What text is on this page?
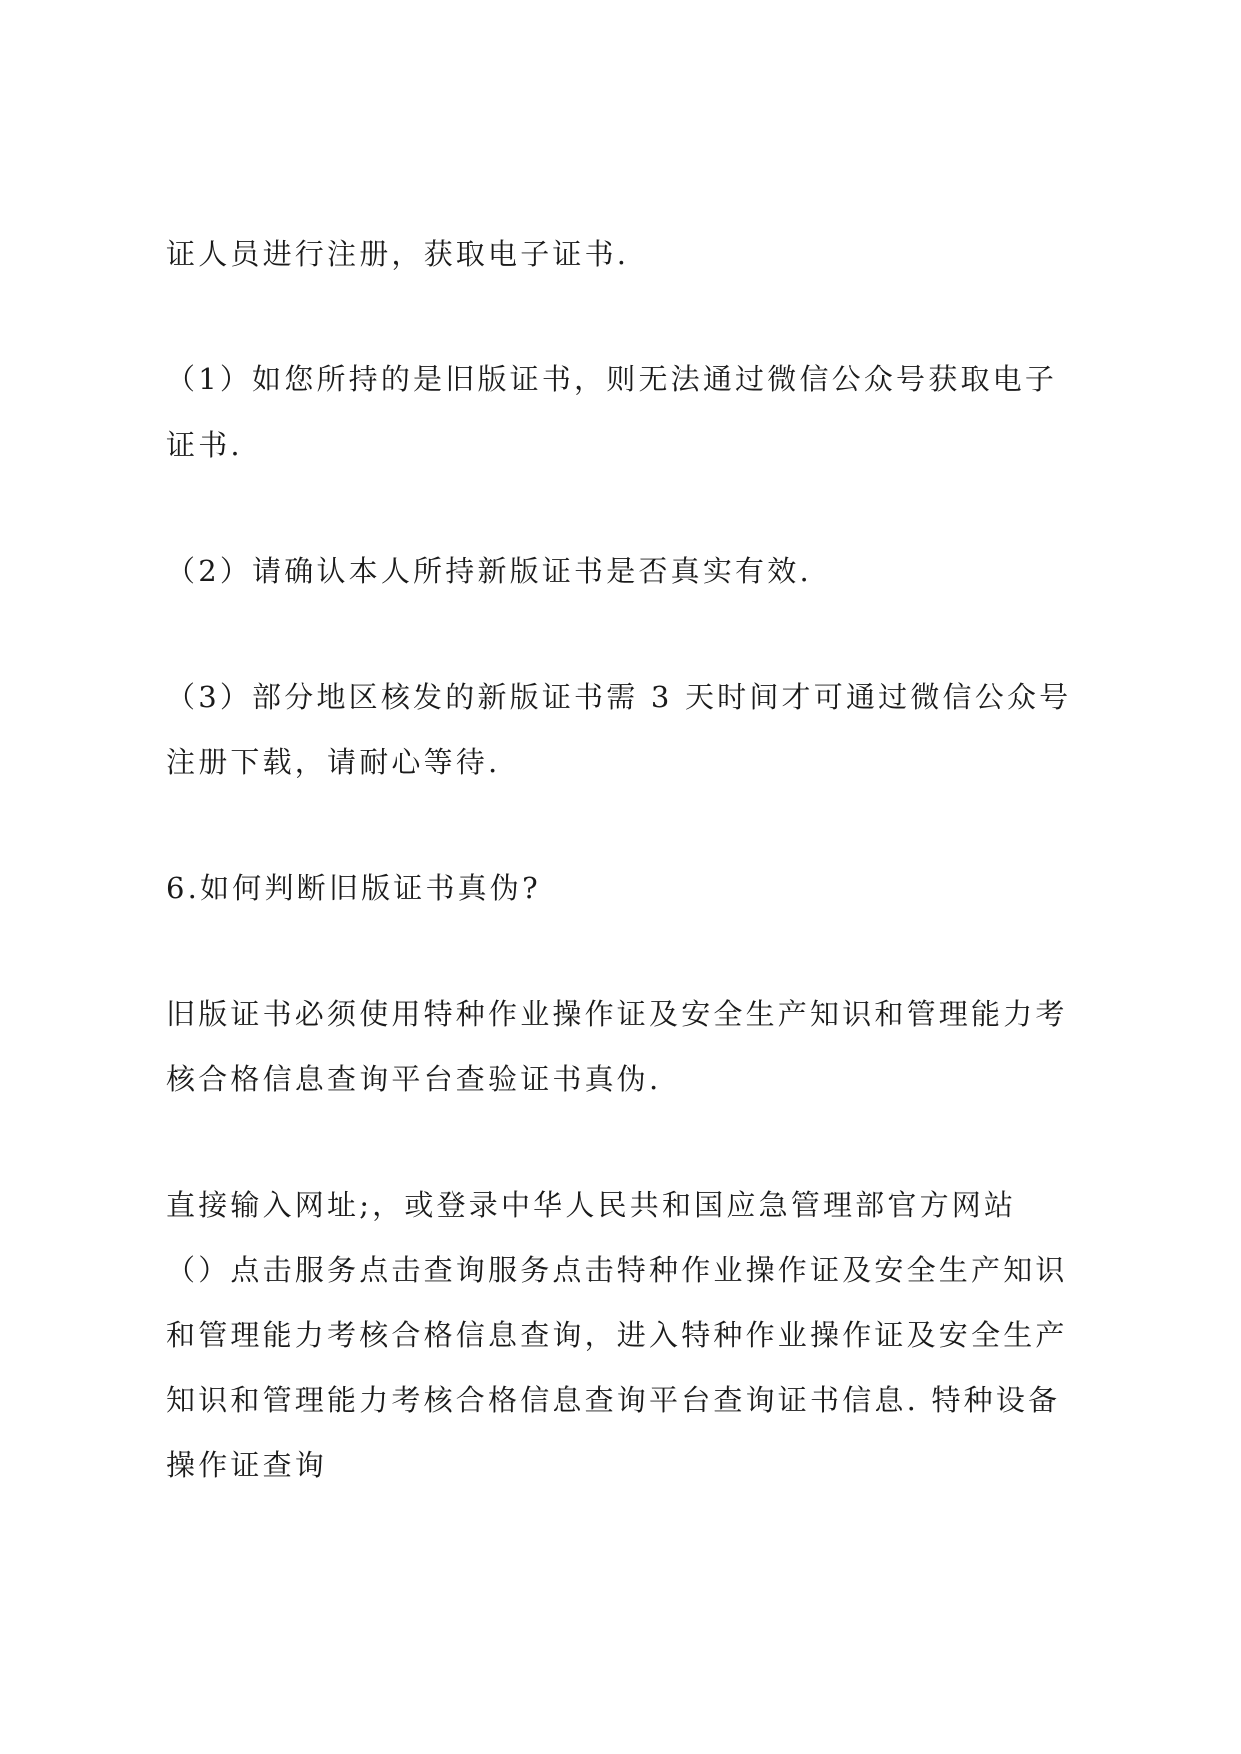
证人员进行注册，获取电子证书.

（1）如您所持的是旧版证书，则无法通过微信公众号获取电子

证书.

（2）请确认本人所持新版证书是否真实有效.

（3）部分地区核发的新版证书需 3 天时间才可通过微信公众号

注册下载，请耐心等待.

6.如何判断旧版证书真伪?

旧版证书必须使用特种作业操作证及安全生产知识和管理能力考

核合格信息查询平台查验证书真伪.

直接输入网址;，或登录中华人民共和国应急管理部官方网站

（）点击服务点击查询服务点击特种作业操作证及安全生产知识

和管理能力考核合格信息查询，进入特种作业操作证及安全生产

知识和管理能力考核合格信息查询平台查询证书信息. 特种设备

操作证查询
